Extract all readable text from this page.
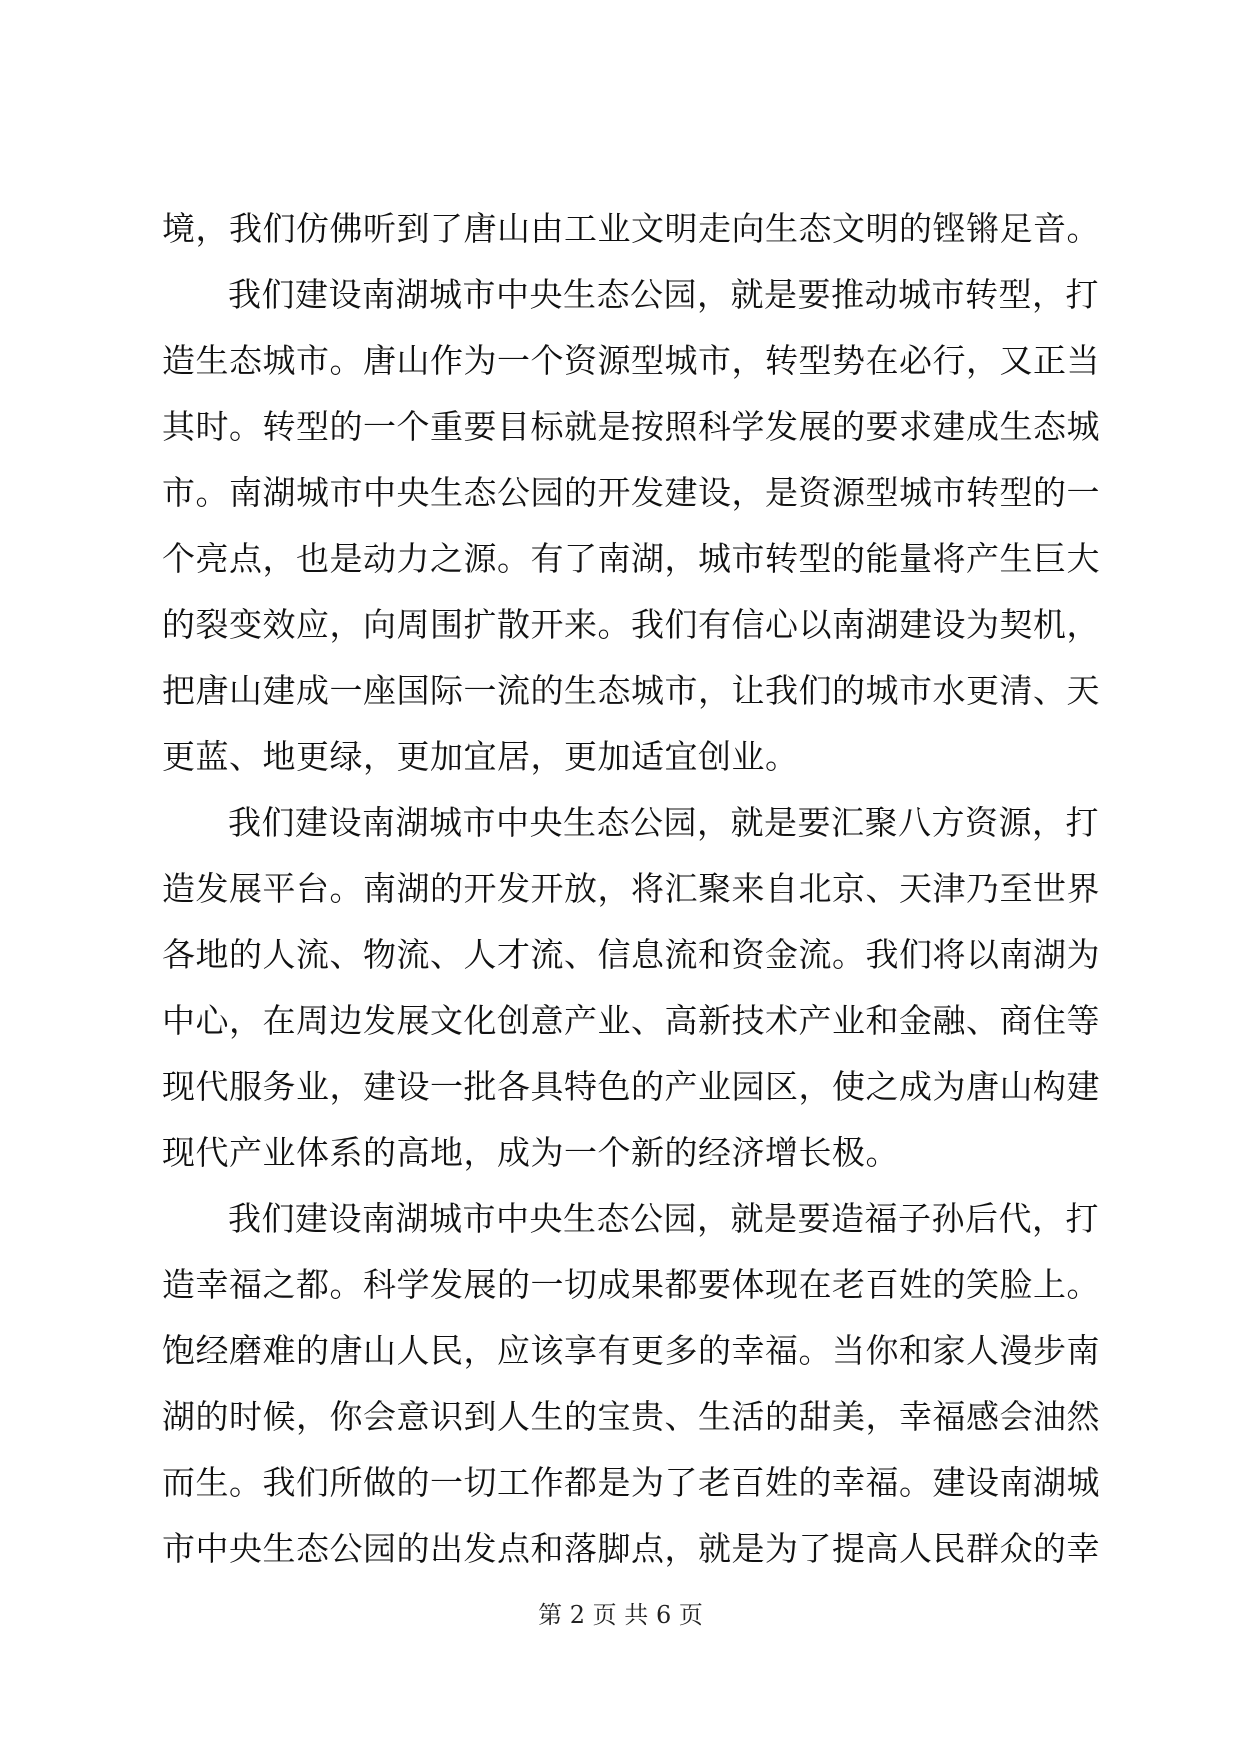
境，我们仿佛听到了唐山由工业文明走向生态文明的铿锵足音。
我们建设南湖城市中央生态公园，就是要推动城市转型，打
造生态城市。唐山作为一个资源型城市，转型势在必行，又正当
其时。转型的一个重要目标就是按照科学发展的要求建成生态城
市。南湖城市中央生态公园的开发建设，是资源型城市转型的一
个亮点，也是动力之源。有了南湖，城市转型的能量将产生巨大
的裂变效应，向周围扩散开来。我们有信心以南湖建设为契机，
把唐山建成一座国际一流的生态城市，让我们的城市水更清、天
更蓝、地更绿，更加宜居，更加适宜创业。
我们建设南湖城市中央生态公园，就是要汇聚八方资源，打
造发展平台。南湖的开发开放，将汇聚来自北京、天津乃至世界
各地的人流、物流、人才流、信息流和资金流。我们将以南湖为
中心，在周边发展文化创意产业、高新技术产业和金融、商住等
现代服务业，建设一批各具特色的产业园区，使之成为唐山构建
现代产业体系的高地，成为一个新的经济增长极。
我们建设南湖城市中央生态公园，就是要造福子孙后代，打
造幸福之都。科学发展的一切成果都要体现在老百姓的笑脸上。
饱经磨难的唐山人民，应该享有更多的幸福。当你和家人漫步南
湖的时候，你会意识到人生的宝贵、生活的甜美，幸福感会油然
而生。我们所做的一切工作都是为了老百姓的幸福。建设南湖城
市中央生态公园的出发点和落脚点，就是为了提高人民群众的幸
第 2 页 共 6 页
